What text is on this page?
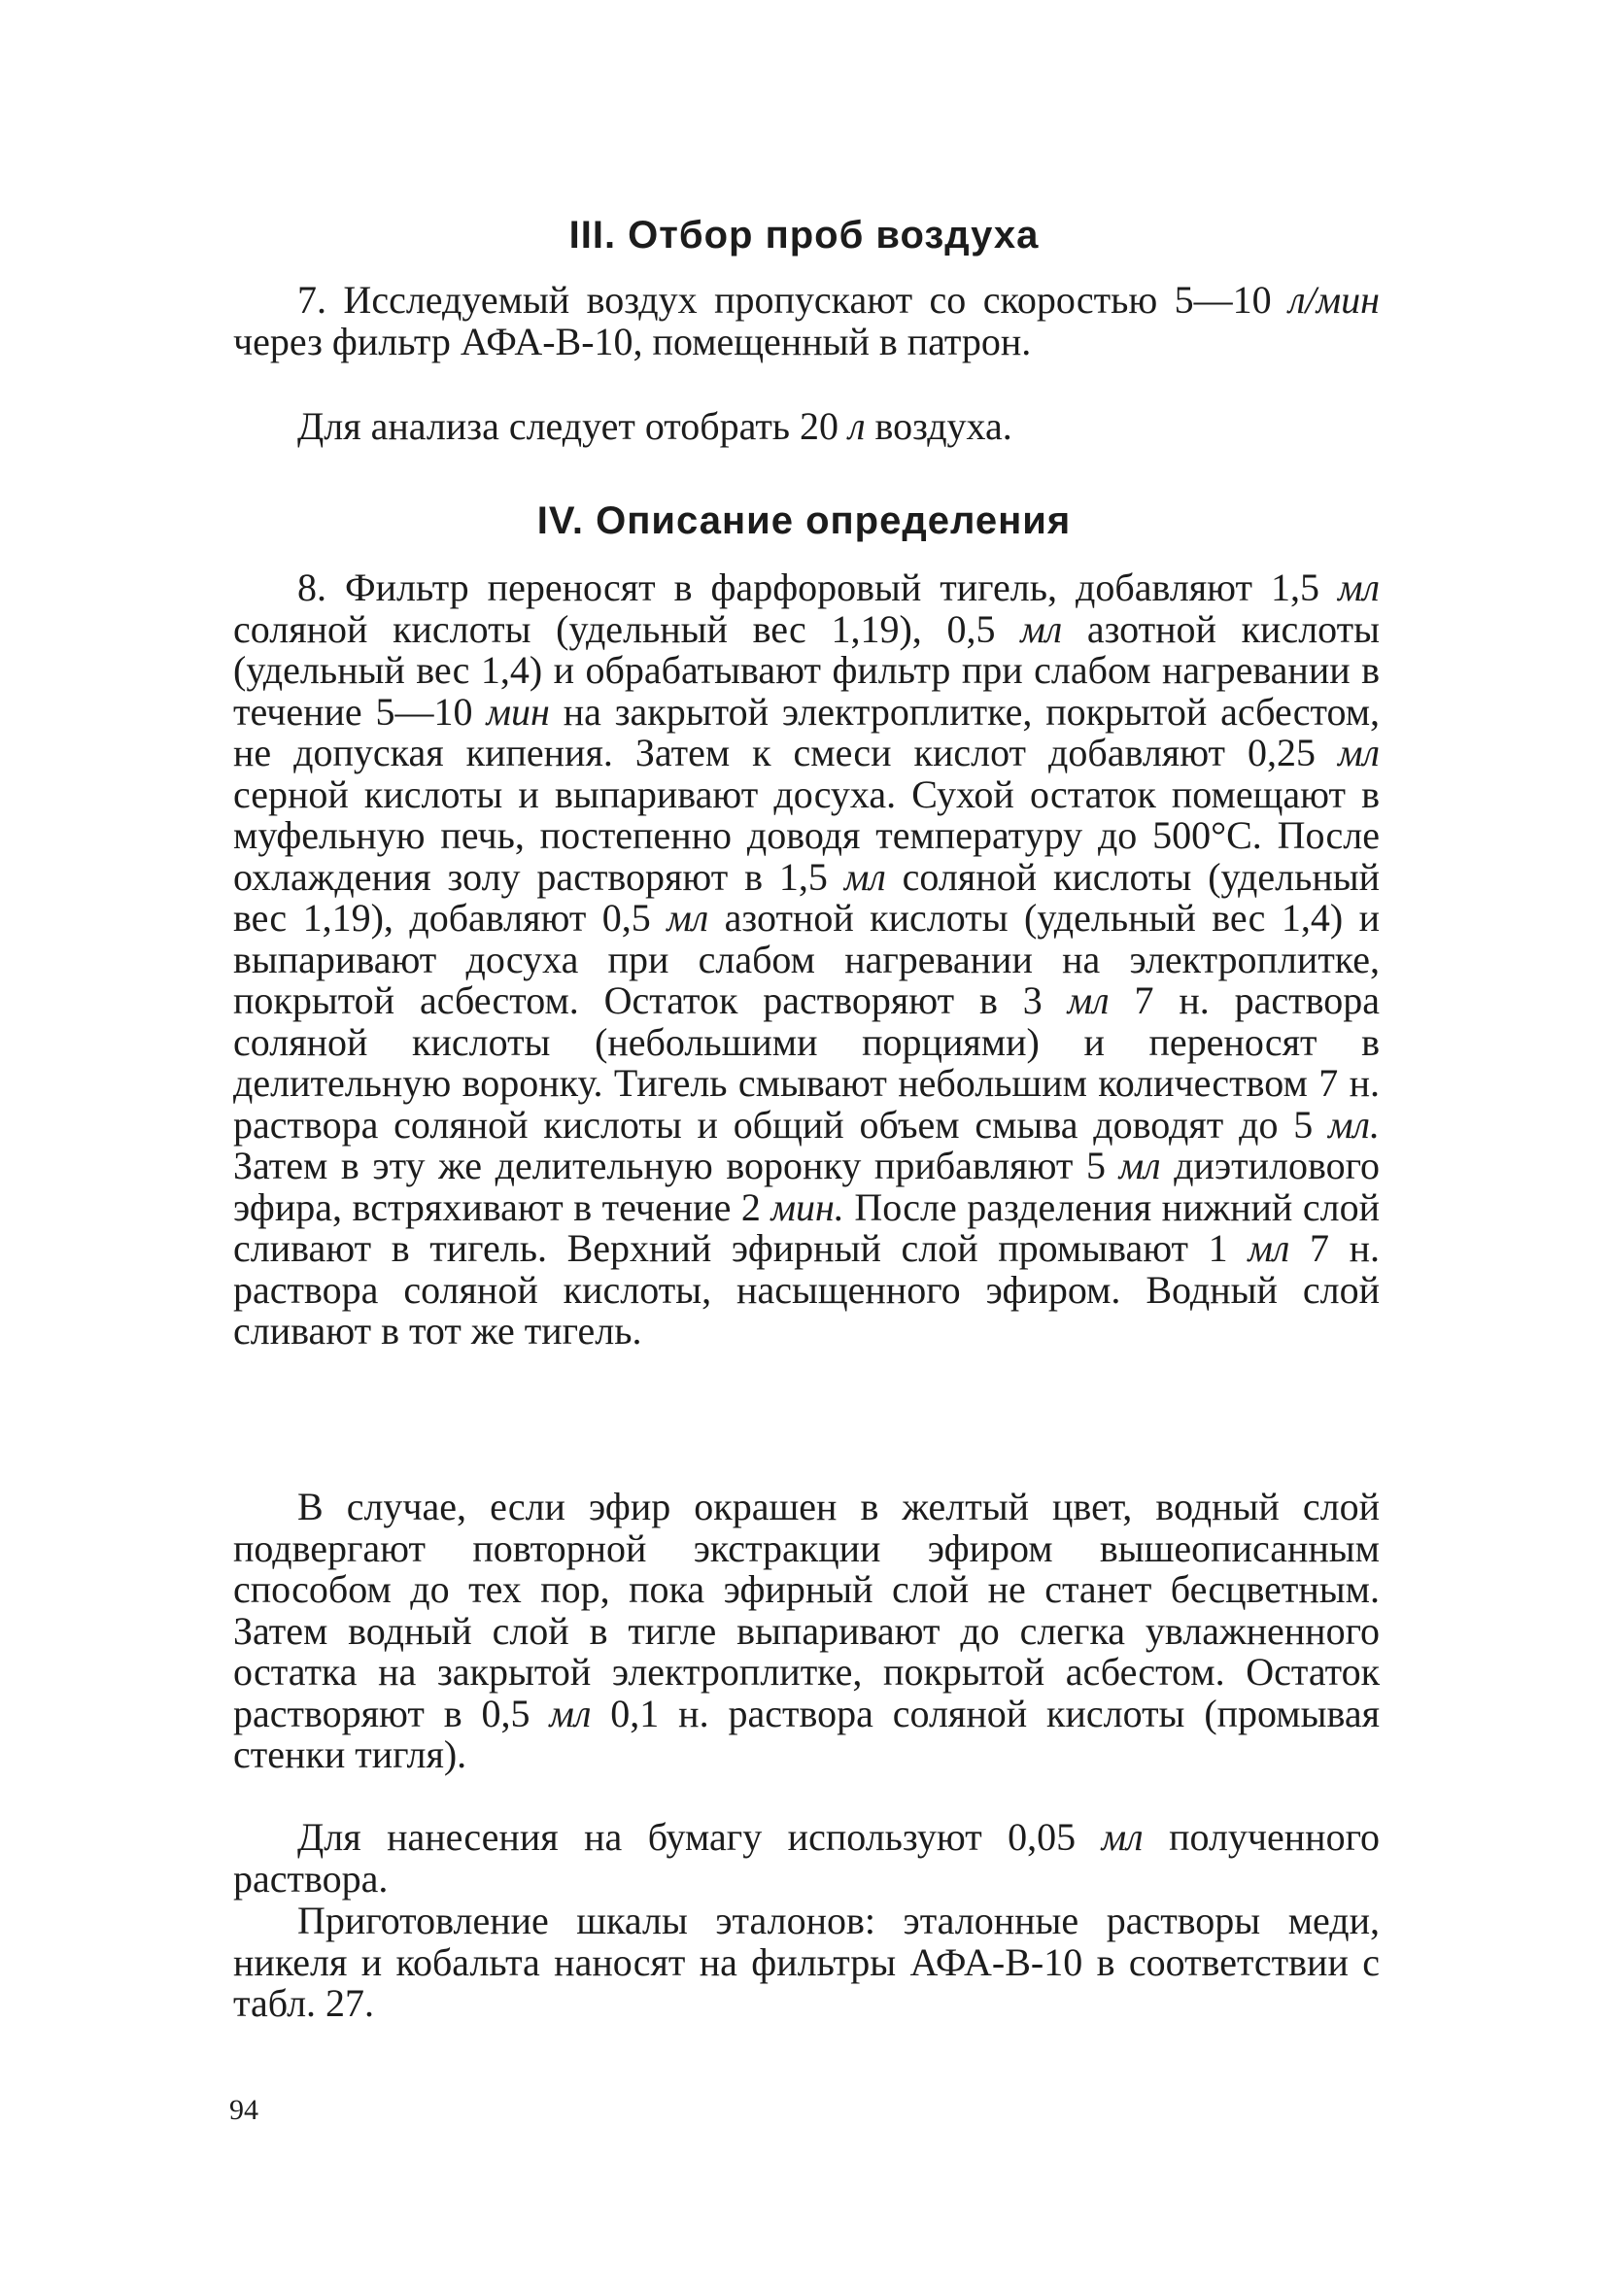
III. Отбор проб воздуха

7. Исследуемый воздух пропускают со скоростью 5—10 л/мин через фильтр АФА-В-10, помещенный в патрон.

Для анализа следует отобрать 20 л воздуха.

IV. Описание определения

8. Фильтр переносят в фарфоровый тигель, добавляют 1,5 мл соляной кислоты (удельный вес 1,19), 0,5 мл азотной кислоты (удельный вес 1,4) и обрабатывают фильтр при слабом нагревании в течение 5—10 мин на закрытой электроплитке, покрытой асбестом, не допуская кипения. Затем к смеси кислот добавляют 0,25 мл серной кислоты и выпаривают досуха. Сухой остаток помещают в муфельную печь, постепенно доводя температуру до 500°С. После охлаждения золу растворяют в 1,5 мл соляной кислоты (удельный вес 1,19), добавляют 0,5 мл азотной кислоты (удельный вес 1,4) и выпаривают досуха при слабом нагревании на электроплитке, покрытой асбестом. Остаток растворяют в 3 мл 7 н. раствора соляной кислоты (небольшими порциями) и переносят в делительную воронку. Тигель смывают небольшим количеством 7 н. раствора соляной кислоты и общий объем смыва доводят до 5 мл. Затем в эту же делительную воронку прибавляют 5 мл диэтилового эфира, встряхивают в течение 2 мин. После разделения нижний слой сливают в тигель. Верхний эфирный слой промывают 1 мл 7 н. раствора соляной кислоты, насыщенного эфиром. Водный слой сливают в тот же тигель.

В случае, если эфир окрашен в желтый цвет, водный слой подвергают повторной экстракции эфиром вышеописанным способом до тех пор, пока эфирный слой не станет бесцветным. Затем водный слой в тигле выпаривают до слегка увлажненного остатка на закрытой электроплитке, покрытой асбестом. Остаток растворяют в 0,5 мл 0,1 н. раствора соляной кислоты (промывая стенки тигля).

Для нанесения на бумагу используют 0,05 мл полученного раствора.

Приготовление шкалы эталонов: эталонные растворы меди, никеля и кобальта наносят на фильтры АФА-В-10 в соответствии с табл. 27.

94
